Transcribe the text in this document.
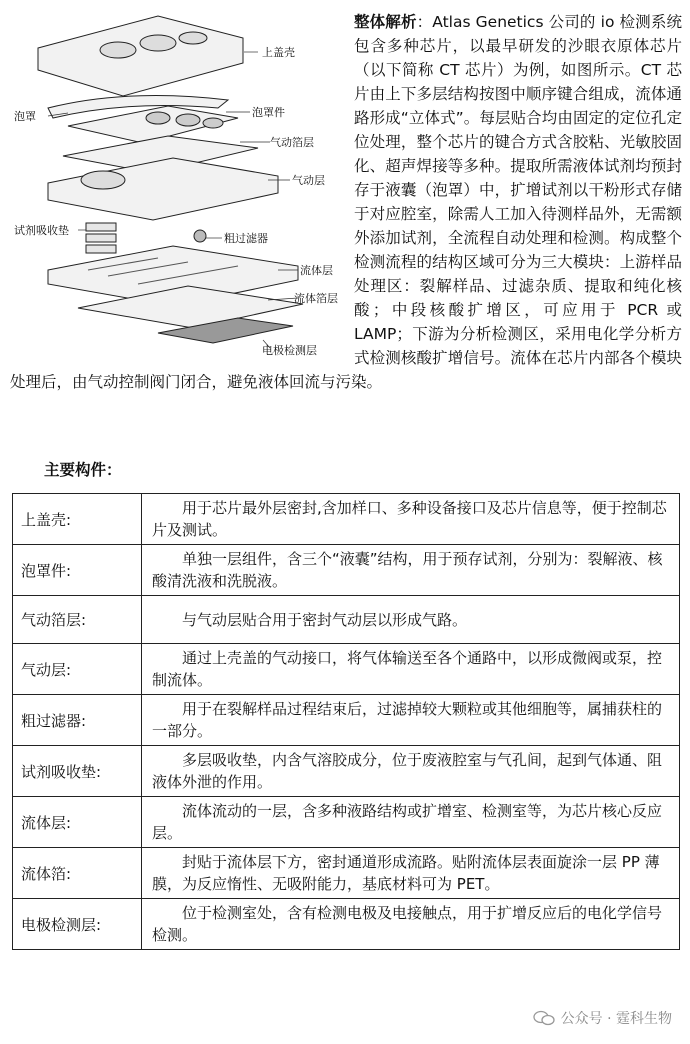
上盖壳
泡罩	泡罩件
气动箔层
气动层
试剂吸收垫
粗过滤器
流体层
流体箔层
电极检测层
整体解析：Atlas Genetics 公司的 io 检测系统包含多种芯片，以最早研发的沙眼衣原体芯片（以下简称 CT 芯片）为例，如图所示。CT 芯片由上下多层结构按图中顺序键合组成，流体通路形成“立体式”。每层贴合均由固定的定位孔定位处理，整个芯片的键合方式含胶粘、光敏胶固化、超声焊接等多种。提取所需液体试剂均预封存于液囊（泡罩）中，扩增试剂以干粉形式存储于对应腔室，除需人工加入待测样品外，无需额外添加试剂，全流程自动处理和检测。构成整个检测流程的结构区域可分为三大模块：上游样品处理区：裂解样品、过滤杂质、提取和纯化核酸；中段核酸扩增区，可应用于 PCR 或 LAMP；下游为分析检测区，采用电化学分析方式检测核酸扩增信号。流体在芯片内部各个模块处理后，由气动控制阀门闭合，避免液体回流与污染。
主要构件：
上盖壳:	用于芯片最外层密封,含加样口、多种设备接口及芯片信息等，便于控制芯片及测试。
泡罩件:	单独一层组件，含三个“液囊”结构，用于预存试剂，分别为：裂解液、核酸清洗液和洗脱液。
气动箔层:	与气动层贴合用于密封气动层以形成气路。
气动层:	通过上壳盖的气动接口，将气体输送至各个通路中，以形成微阀或泵，控制流体。
粗过滤器:	用于在裂解样品过程结束后，过滤掉较大颗粒或其他细胞等，属捕获柱的一部分。
试剂吸收垫:	多层吸收垫，内含气溶胶成分，位于废液腔室与气孔间，起到气体通、阻液体外泄的作用。
流体层:	流体流动的一层，含多种液路结构或扩增室、检测室等，为芯片核心反应层。
流体箔:	封贴于流体层下方，密封通道形成流路。贴附流体层表面旋涂一层 PP 薄膜，为反应惰性、无吸附能力，基底材料可为 PET。
电极检测层:	位于检测室处，含有检测电极及电接触点，用于扩增反应后的电化学信号检测。
公众号 · 霆科生物
